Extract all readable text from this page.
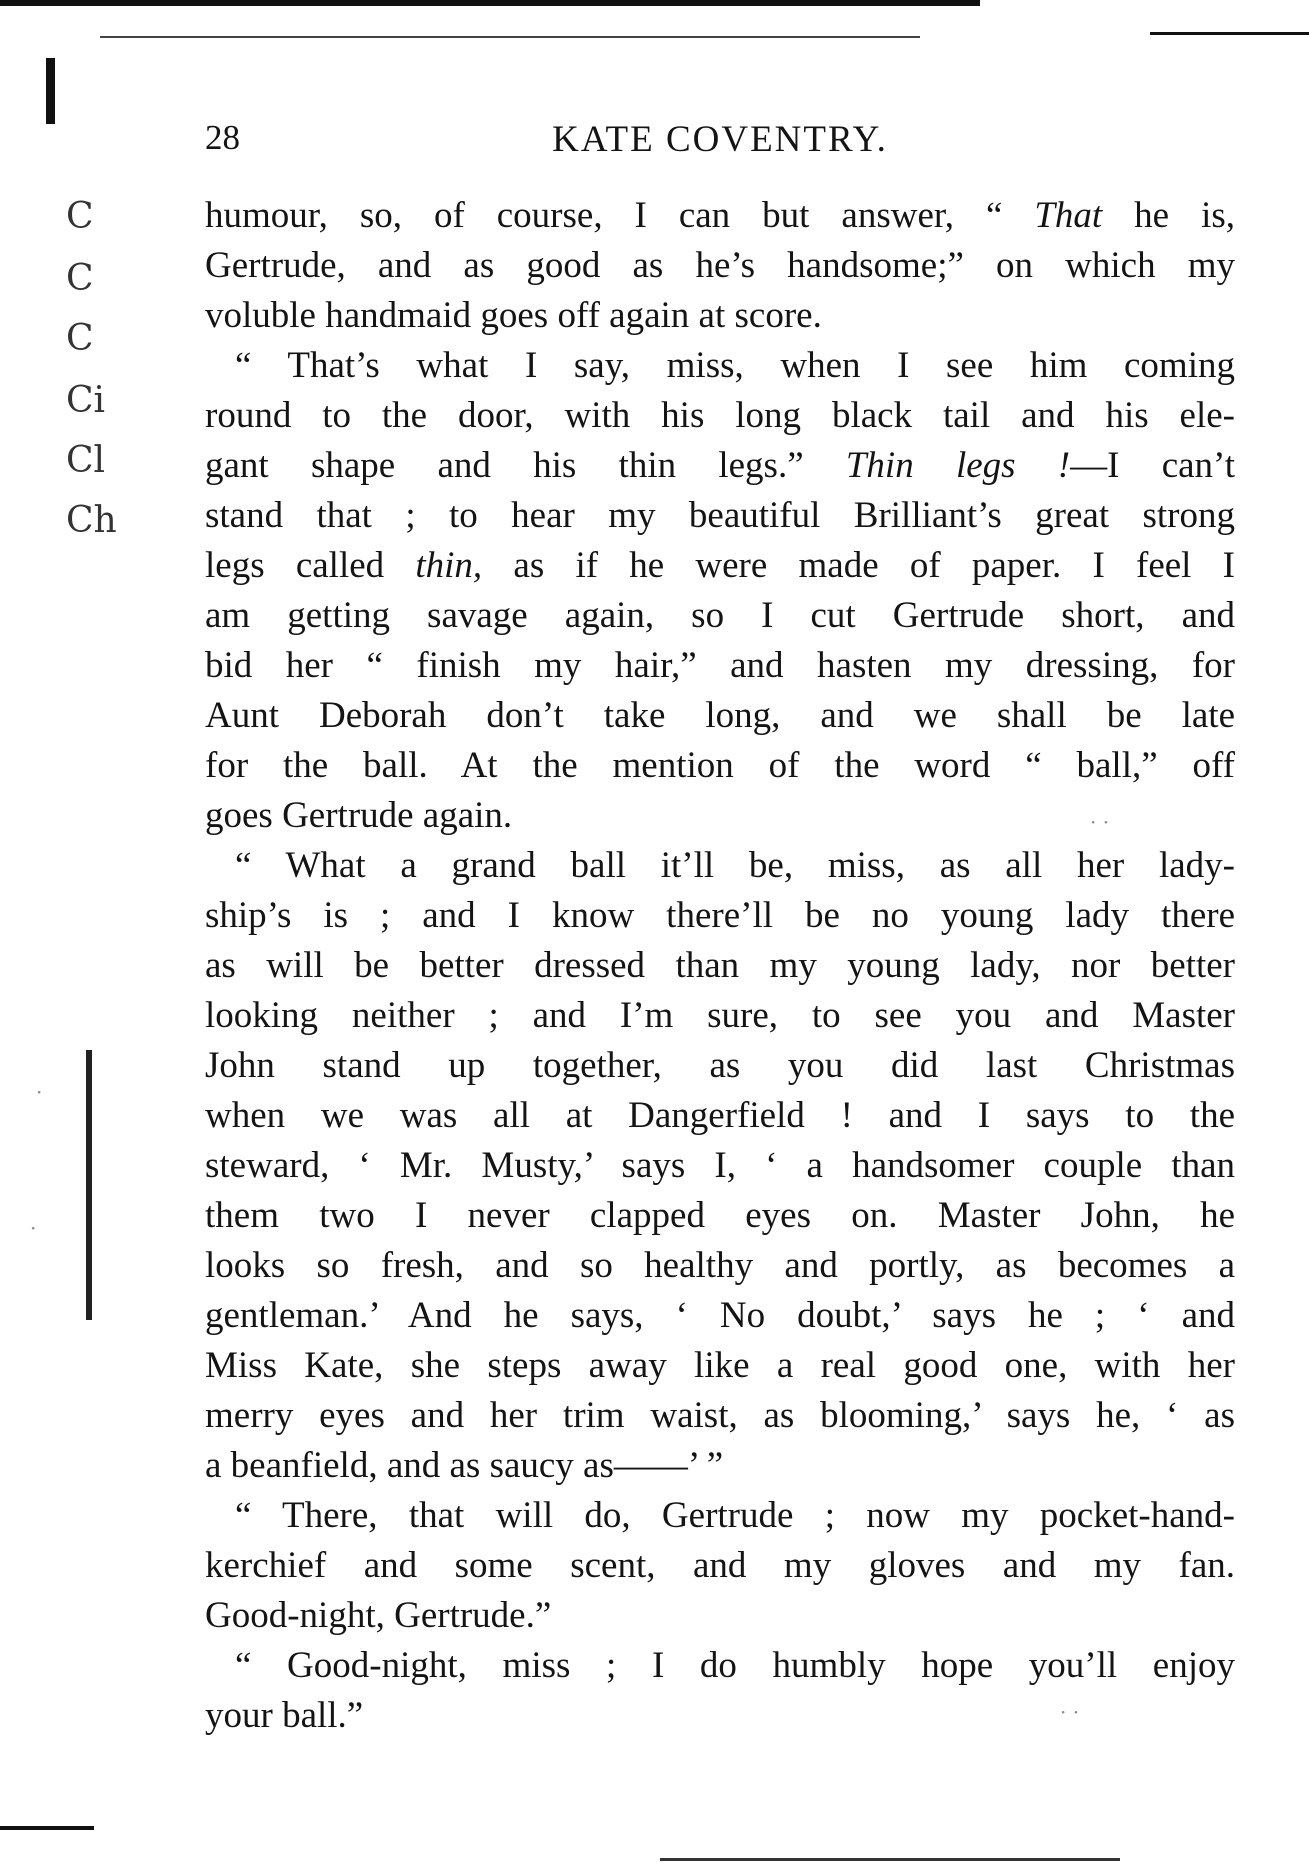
C
C
C
Ci
Cl
Ch
28	KATE COVENTRY.
humour, so, of course, I can but answer, “ That he is,
Gertrude, and as good as he’s handsome;” on which my
voluble handmaid goes off again at score.
“ That’s what I say, miss, when I see him coming
round to the door, with his long black tail and his ele-
gant shape and his thin legs.” Thin legs !—I can’t
stand that ; to hear my beautiful Brilliant’s great strong
legs called thin, as if he were made of paper. I feel I
am getting savage again, so I cut Gertrude short, and
bid her “ finish my hair,” and hasten my dressing, for
Aunt Deborah don’t take long, and we shall be late
for the ball. At the mention of the word “ ball,” off
goes Gertrude again.
“ What a grand ball it’ll be, miss, as all her lady-
ship’s is ; and I know there’ll be no young lady there
as will be better dressed than my young lady, nor better
looking neither ; and I’m sure, to see you and Master
John stand up together, as you did last Christmas
when we was all at Dangerfield ! and I says to the
steward, ‘ Mr. Musty,’ says I, ‘ a handsomer couple than
them two I never clapped eyes on. Master John, he
looks so fresh, and so healthy and portly, as becomes a
gentleman.’ And he says, ‘ No doubt,’ says he ; ‘ and
Miss Kate, she steps away like a real good one, with her
merry eyes and her trim waist, as blooming,’ says he, ‘ as
a beanfield, and as saucy as——’ ”
“ There, that will do, Gertrude ; now my pocket-hand-
kerchief and some scent, and my gloves and my fan.
Good-night, Gertrude.”
“ Good-night, miss ; I do humbly hope you’ll enjoy
your ball.”
· ·
· ·
·
·
